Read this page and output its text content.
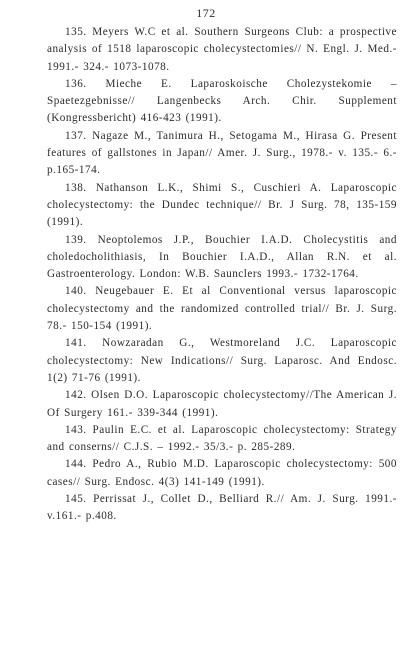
172

135. Meyers W.C et al. Southern Surgeons Club: a prospective analysis of 1518 laparoscopic cholecystectomies// N. Engl. J. Med.- 1991.- 324.- 1073-1078.

136. Mieche E. Laparoskoische Cholezystekomie – Spaetezgebnisse// Langenbecks Arch. Chir. Supplement (Kongressbericht) 416-423 (1991).

137. Nagaze M., Tanimura H., Setogama M., Hirasa G. Present features of gallstones in Japan// Amer. J. Surg., 1978.- v. 135.- 6.-p.165-174.

138. Nathanson L.K., Shimi S., Cuschieri A. Laparoscopic cholecystectomy: the Dundec technique// Br. J Surg. 78, 135-159 (1991).

139. Neoptolemos J.P., Bouchier I.A.D. Cholecystitis and choledocholithiasis, In Bouchier I.A.D., Allan R.N. et al. Gastroenterology. London: W.B. Saunclers 1993.- 1732-1764.

140. Neugebauer E. Et al Conventional versus laparoscopic cholecystectomy and the randomized controlled trial// Br. J. Surg. 78.- 150-154 (1991).

141. Nowzaradan G., Westmoreland J.C. Laparoscopic cholecystectomy: New Indications// Surg. Laparosc. And Endosc. 1(2) 71-76 (1991).

142. Olsen D.O. Laparoscopic cholecystectomy//The American J. Of Surgery 161.- 339-344 (1991).

143. Paulin E.C. et al. Laparoscopic cholecystectomy: Strategy and conserns// C.J.S. – 1992.- 35/3.- p. 285-289.

144. Pedro A., Rubio M.D. Laparoscopic cholecystectomy: 500 cases// Surg. Endosc. 4(3) 141-149 (1991).

145. Perrissat J., Collet D., Belliard R.// Am. J. Surg. 1991.- v.161.- p.408.
